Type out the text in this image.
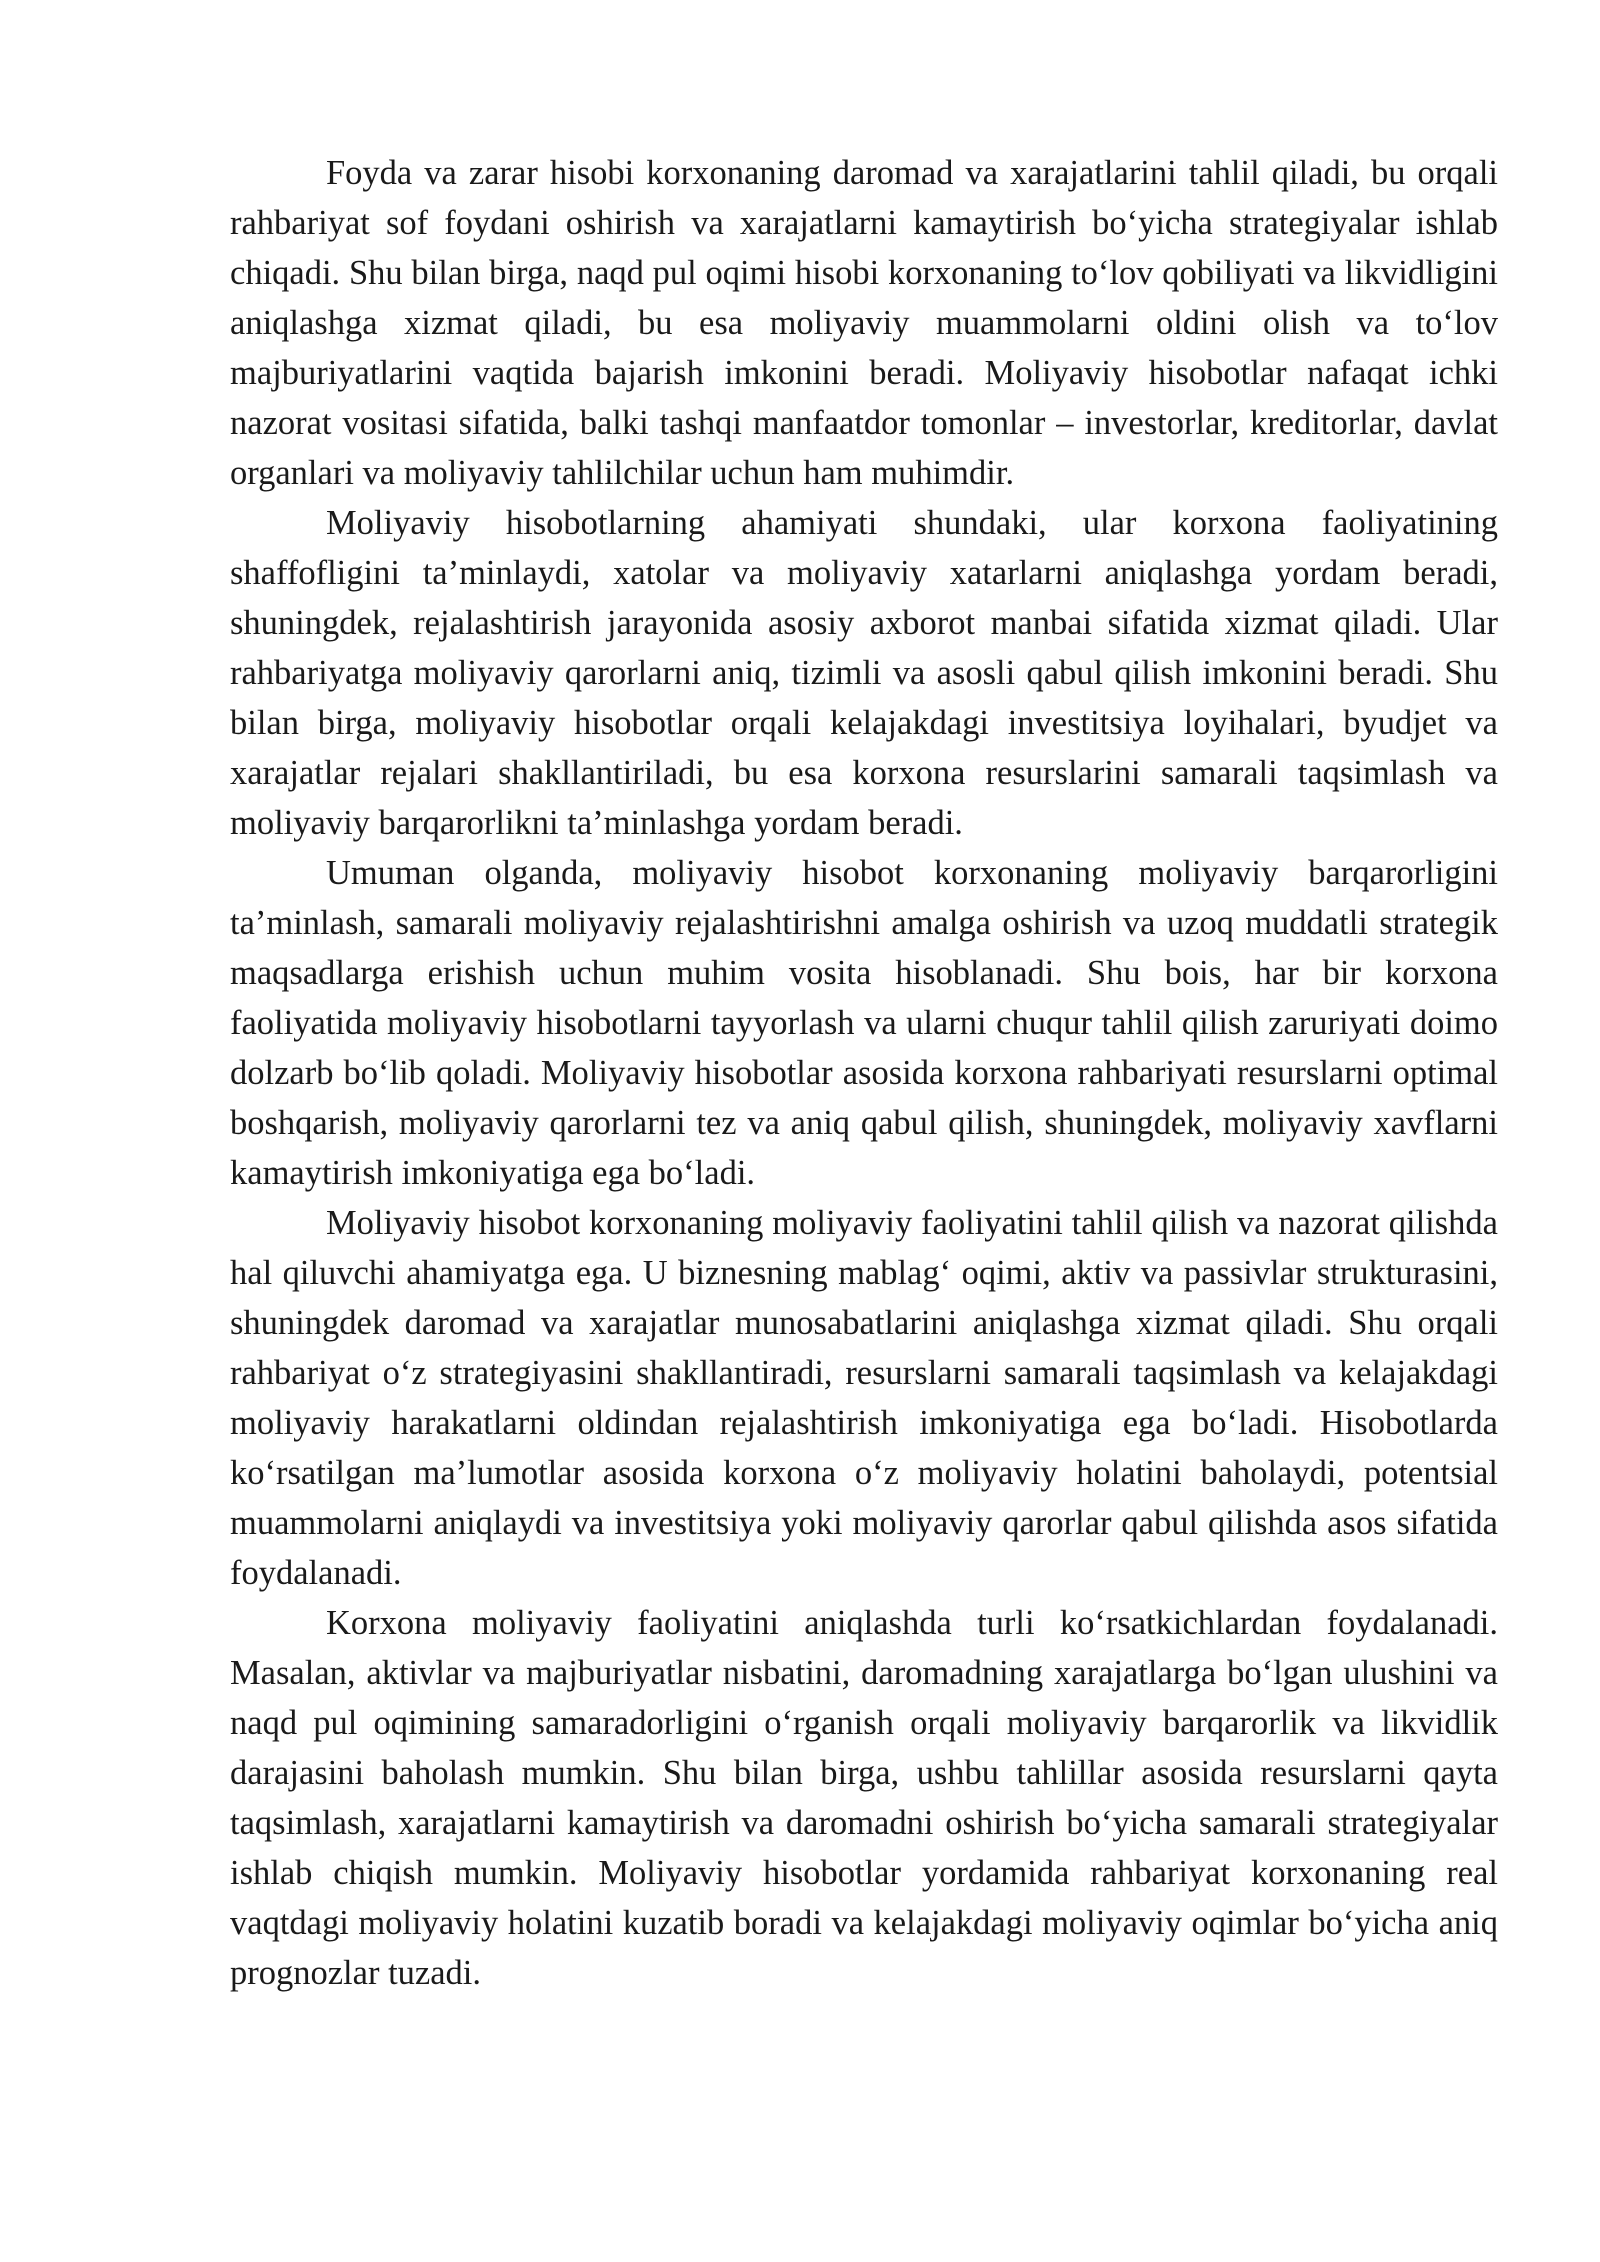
Foyda va zarar hisobi korxonaning daromad va xarajatlarini tahlil qiladi, bu orqali rahbariyat sof foydani oshirish va xarajatlarni kamaytirish bo‘yicha strategiyalar ishlab chiqadi. Shu bilan birga, naqd pul oqimi hisobi korxonaning to‘lov qobiliyati va likvidligini aniqlashga xizmat qiladi, bu esa moliyaviy muammolarni oldini olish va to‘lov majburiyatlarini vaqtida bajarish imkonini beradi. Moliyaviy hisobotlar nafaqat ichki nazorat vositasi sifatida, balki tashqi manfaatdor tomonlar – investorlar, kreditorlar, davlat organlari va moliyaviy tahlilchilar uchun ham muhimdir.

Moliyaviy hisobotlarning ahamiyati shundaki, ular korxona faoliyatining shaffofligini ta’minlaydi, xatolar va moliyaviy xatarlarni aniqlashga yordam beradi, shuningdek, rejalashtirish jarayonida asosiy axborot manbai sifatida xizmat qiladi. Ular rahbariyatga moliyaviy qarorlarni aniq, tizimli va asosli qabul qilish imkonini beradi. Shu bilan birga, moliyaviy hisobotlar orqali kelajakdagi investitsiya loyihalari, byudjet va xarajatlar rejalari shakllantiriladi, bu esa korxona resurslarini samarali taqsimlash va moliyaviy barqarorlikni ta’minlashga yordam beradi.

Umuman olganda, moliyaviy hisobot korxonaning moliyaviy barqarorligini ta’minlash, samarali moliyaviy rejalashtirishni amalga oshirish va uzoq muddatli strategik maqsadlarga erishish uchun muhim vosita hisoblanadi. Shu bois, har bir korxona faoliyatida moliyaviy hisobotlarni tayyorlash va ularni chuqur tahlil qilish zaruriyati doimo dolzarb bo‘lib qoladi. Moliyaviy hisobotlar asosida korxona rahbariyati resurslarni optimal boshqarish, moliyaviy qarorlarni tez va aniq qabul qilish, shuningdek, moliyaviy xavflarni kamaytirish imkoniyatiga ega bo‘ladi.

Moliyaviy hisobot korxonaning moliyaviy faoliyatini tahlil qilish va nazorat qilishda hal qiluvchi ahamiyatga ega. U biznesning mablag‘ oqimi, aktiv va passivlar strukturasini, shuningdek daromad va xarajatlar munosabatlarini aniqlashga xizmat qiladi. Shu orqali rahbariyat o‘z strategiyasini shakllantiradi, resurslarni samarali taqsimlash va kelajakdagi moliyaviy harakatlarni oldindan rejalashtirish imkoniyatiga ega bo‘ladi. Hisobotlarda ko‘rsatilgan ma’lumotlar asosida korxona o‘z moliyaviy holatini baholaydi, potentsial muammolarni aniqlaydi va investitsiya yoki moliyaviy qarorlar qabul qilishda asos sifatida foydalanadi.

Korxona moliyaviy faoliyatini aniqlashda turli ko‘rsatkichlardan foydalanadi. Masalan, aktivlar va majburiyatlar nisbatini, daromadning xarajatlarga bo‘lgan ulushini va naqd pul oqimining samaradorligini o‘rganish orqali moliyaviy barqarorlik va likvidlik darajasini baholash mumkin. Shu bilan birga, ushbu tahlillar asosida resurslarni qayta taqsimlash, xarajatlarni kamaytirish va daromadni oshirish bo‘yicha samarali strategiyalar ishlab chiqish mumkin. Moliyaviy hisobotlar yordamida rahbariyat korxonaning real vaqtdagi moliyaviy holatini kuzatib boradi va kelajakdagi moliyaviy oqimlar bo‘yicha aniq prognozlar tuzadi.
